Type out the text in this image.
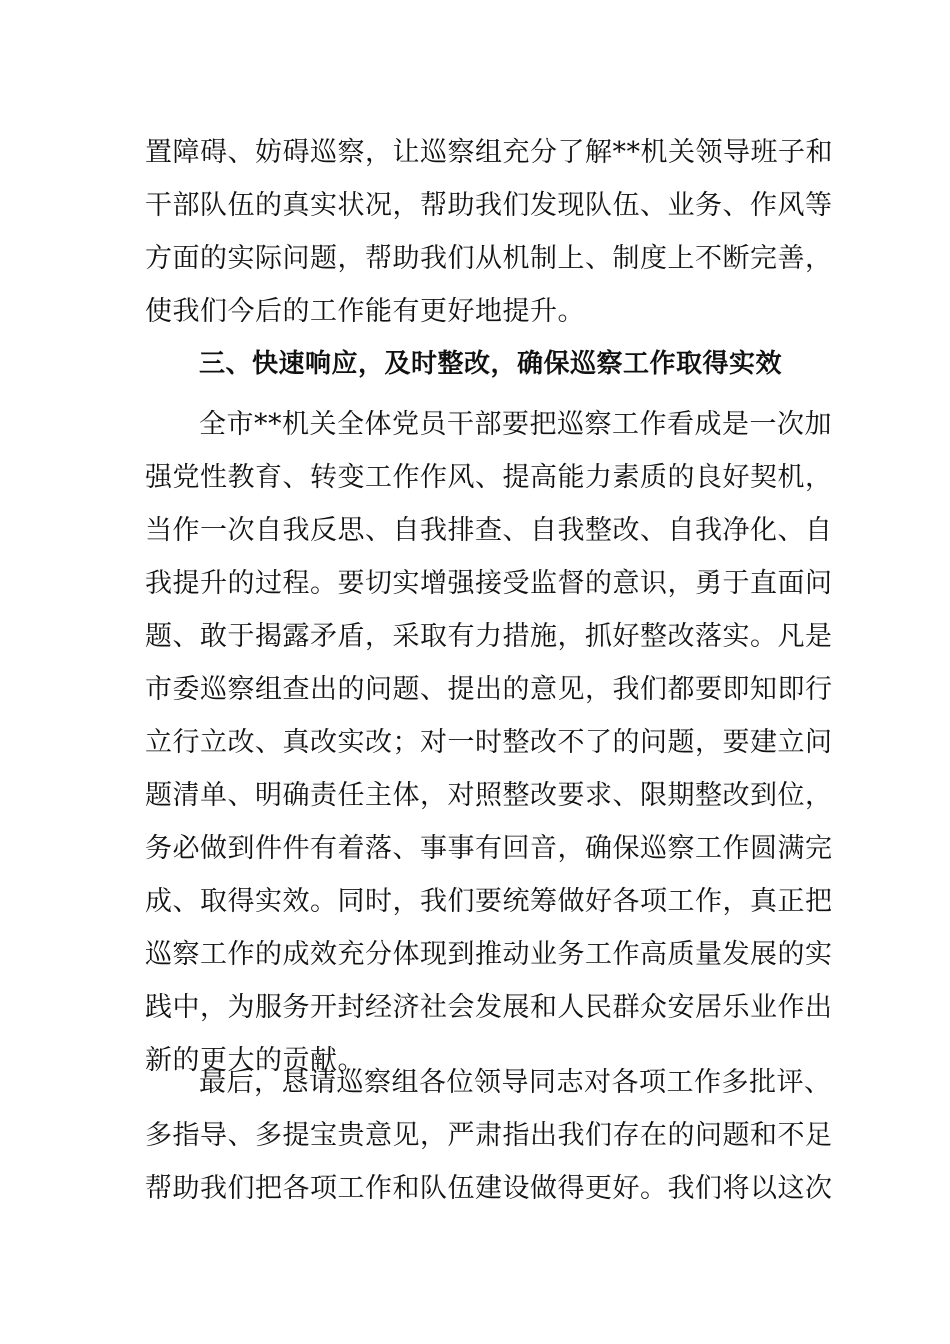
置障碍、妨碍巡察，让巡察组充分了解**机关领导班子和
干部队伍的真实状况，帮助我们发现队伍、业务、作风等
方面的实际问题，帮助我们从机制上、制度上不断完善，
使我们今后的工作能有更好地提升。
三、快速响应，及时整改，确保巡察工作取得实效
全市**机关全体党员干部要把巡察工作看成是一次加
强党性教育、转变工作作风、提高能力素质的良好契机，
当作一次自我反思、自我排查、自我整改、自我净化、自
我提升的过程。要切实增强接受监督的意识，勇于直面问
题、敢于揭露矛盾，采取有力措施，抓好整改落实。凡是
市委巡察组查出的问题、提出的意见，我们都要即知即行
立行立改、真改实改；对一时整改不了的问题，要建立问
题清单、明确责任主体，对照整改要求、限期整改到位，
务必做到件件有着落、事事有回音，确保巡察工作圆满完
成、取得实效。同时，我们要统筹做好各项工作，真正把
巡察工作的成效充分体现到推动业务工作高质量发展的实
践中，为服务开封经济社会发展和人民群众安居乐业作出
新的更大的贡献。
最后，恳请巡察组各位领导同志对各项工作多批评、
多指导、多提宝贵意见，严肃指出我们存在的问题和不足
帮助我们把各项工作和队伍建设做得更好。我们将以这次
